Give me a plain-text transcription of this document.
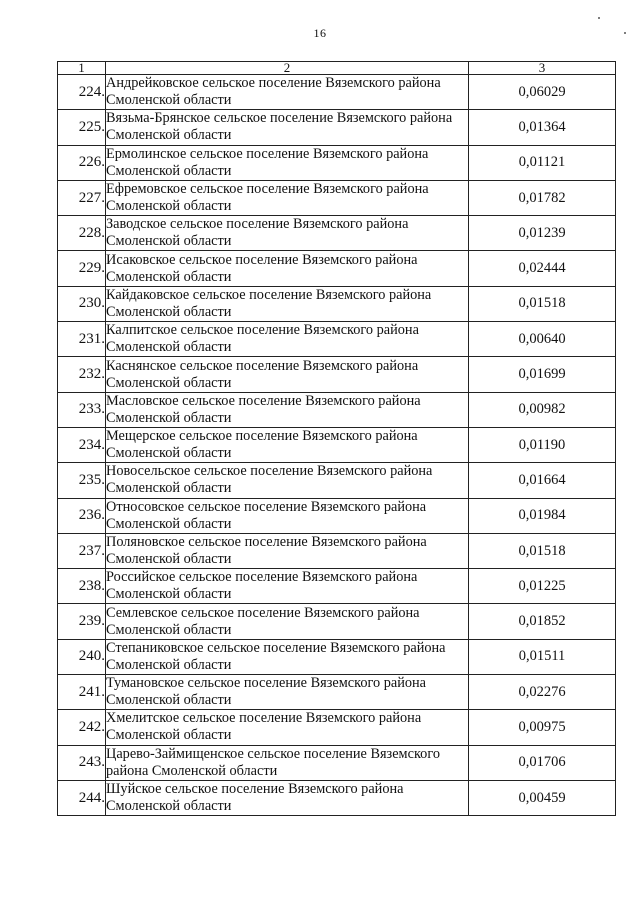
16
1	2	3
224.	Андрейковское сельское поселение Вяземского района Смоленской области	0,06029
225.	Вязьма-Брянское сельское поселение Вяземского района Смоленской области	0,01364
226.	Ермолинское сельское поселение Вяземского района Смоленской области	0,01121
227.	Ефремовское сельское поселение Вяземского района Смоленской области	0,01782
228.	Заводское сельское поселение Вяземского района Смоленской области	0,01239
229.	Исаковское сельское поселение Вяземского района Смоленской области	0,02444
230.	Кайдаковское сельское поселение Вяземского района Смоленской области	0,01518
231.	Калпитское сельское поселение Вяземского района Смоленской области	0,00640
232.	Каснянское сельское поселение Вяземского района Смоленской области	0,01699
233.	Масловское сельское поселение Вяземского района Смоленской области	0,00982
234.	Мещерское сельское поселение Вяземского района Смоленской области	0,01190
235.	Новосельское сельское поселение Вяземского района Смоленской области	0,01664
236.	Относовское сельское поселение Вяземского района Смоленской области	0,01984
237.	Поляновское сельское поселение Вяземского района Смоленской области	0,01518
238.	Российское сельское поселение Вяземского района Смоленской области	0,01225
239.	Семлевское сельское поселение Вяземского района Смоленской области	0,01852
240.	Степаниковское сельское поселение Вяземского района Смоленской области	0,01511
241.	Тумановское сельское поселение Вяземского района Смоленской области	0,02276
242.	Хмелитское сельское поселение Вяземского района Смоленской области	0,00975
243.	Царево-Займищенское сельское поселение Вяземского района Смоленской области	0,01706
244.	Шуйское сельское поселение Вяземского района Смоленской области	0,00459
